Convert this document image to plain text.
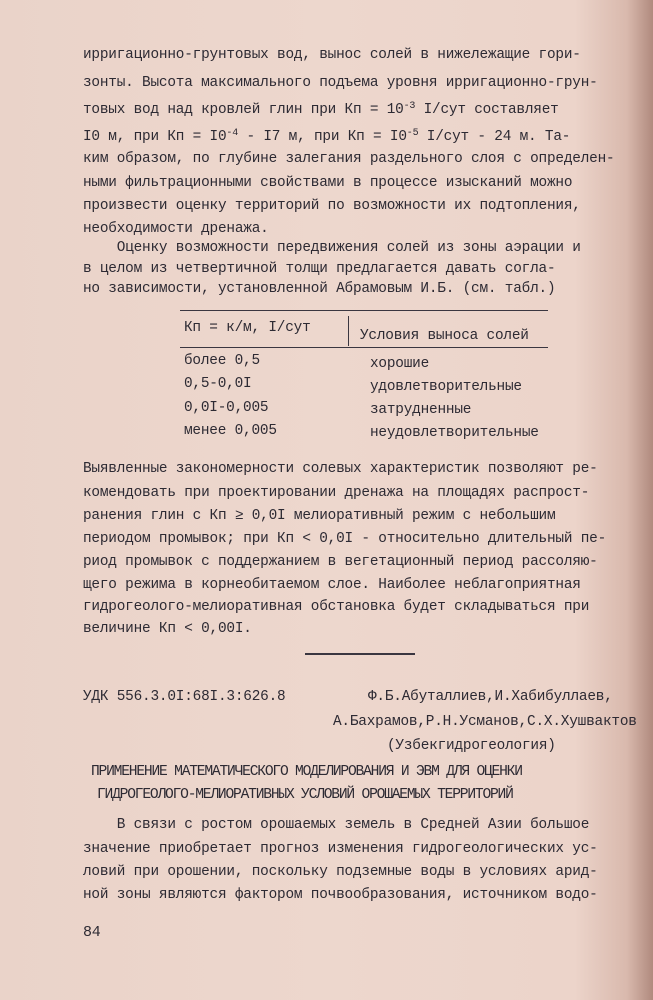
ирригационно-грунтовых вод, вынос солей в нижележащие гори-
зонты. Высота максимального подъема уровня ирригационно-грун-
товых вод над кровлей глин при Кп = $10^{-3}$ I/сут составляет
I0 м, при Кп = $I0^{-4} - I7$ м, при Кп = $I0^{-5}$ I/сут - 24 м. Та-
ким образом, по глубине залегания раздельного слоя с определен-
ными фильтрационными свойствами в процессе изысканий можно
произвести оценку территорий по возможности их подтопления,
необходимости дренажа.
Оценку возможности передвижения солей из зоны аэрации и
в целом из четвертичной толщи предлагается давать согла-
но зависимости, установленной Абрамовым И.Б. (см. табл.)
Кп = к/м, I/сут	Условия выноса солей
более 0,5	хорошие
0,5-0,0I	удовлетворительные
0,0I-0,005	затрудненные
менее 0,005	неудовлетворительные
Выявленные закономерности солевых характеристик позволяют ре-
комендовать при проектировании дренажа на площадях распрост-
ранения глин с Кп ≥ 0,0I мелиоративный режим с небольшим
периодом промывок; при Кп < 0,0I - относительно длительный пе-
риод промывок с поддержанием в вегетационный период рассоляю-
щего режима в корнеобитаемом слое. Наиболее неблагоприятная
гидрогеолого-мелиоративная обстановка будет складываться при
величине Кп < 0,00I.
УДК 556.3.0I:68I.3:626.8	Ф.Б.Абуталлиев,И.Хабибуллаев,
А.Бахрамов,Р.Н.Усманов,С.Х.Хушвактов
(Узбекгидрогеология)
ПРИМЕНЕНИЕ МАТЕМАТИЧЕСКОГО МОДЕЛИРОВАНИЯ И ЭВМ ДЛЯ ОЦЕНКИ
ГИДРОГЕОЛОГО-МЕЛИОРАТИВНЫХ УСЛОВИЙ ОРОШАЕМЫХ ТЕРРИТОРИЙ
В связи с ростом орошаемых земель в Средней Азии большое
значение приобретает прогноз изменения гидрогеологических ус-
ловий при орошении, поскольку подземные воды в условиях арид-
ной зоны являются фактором почвообразования, источником водо-
84
